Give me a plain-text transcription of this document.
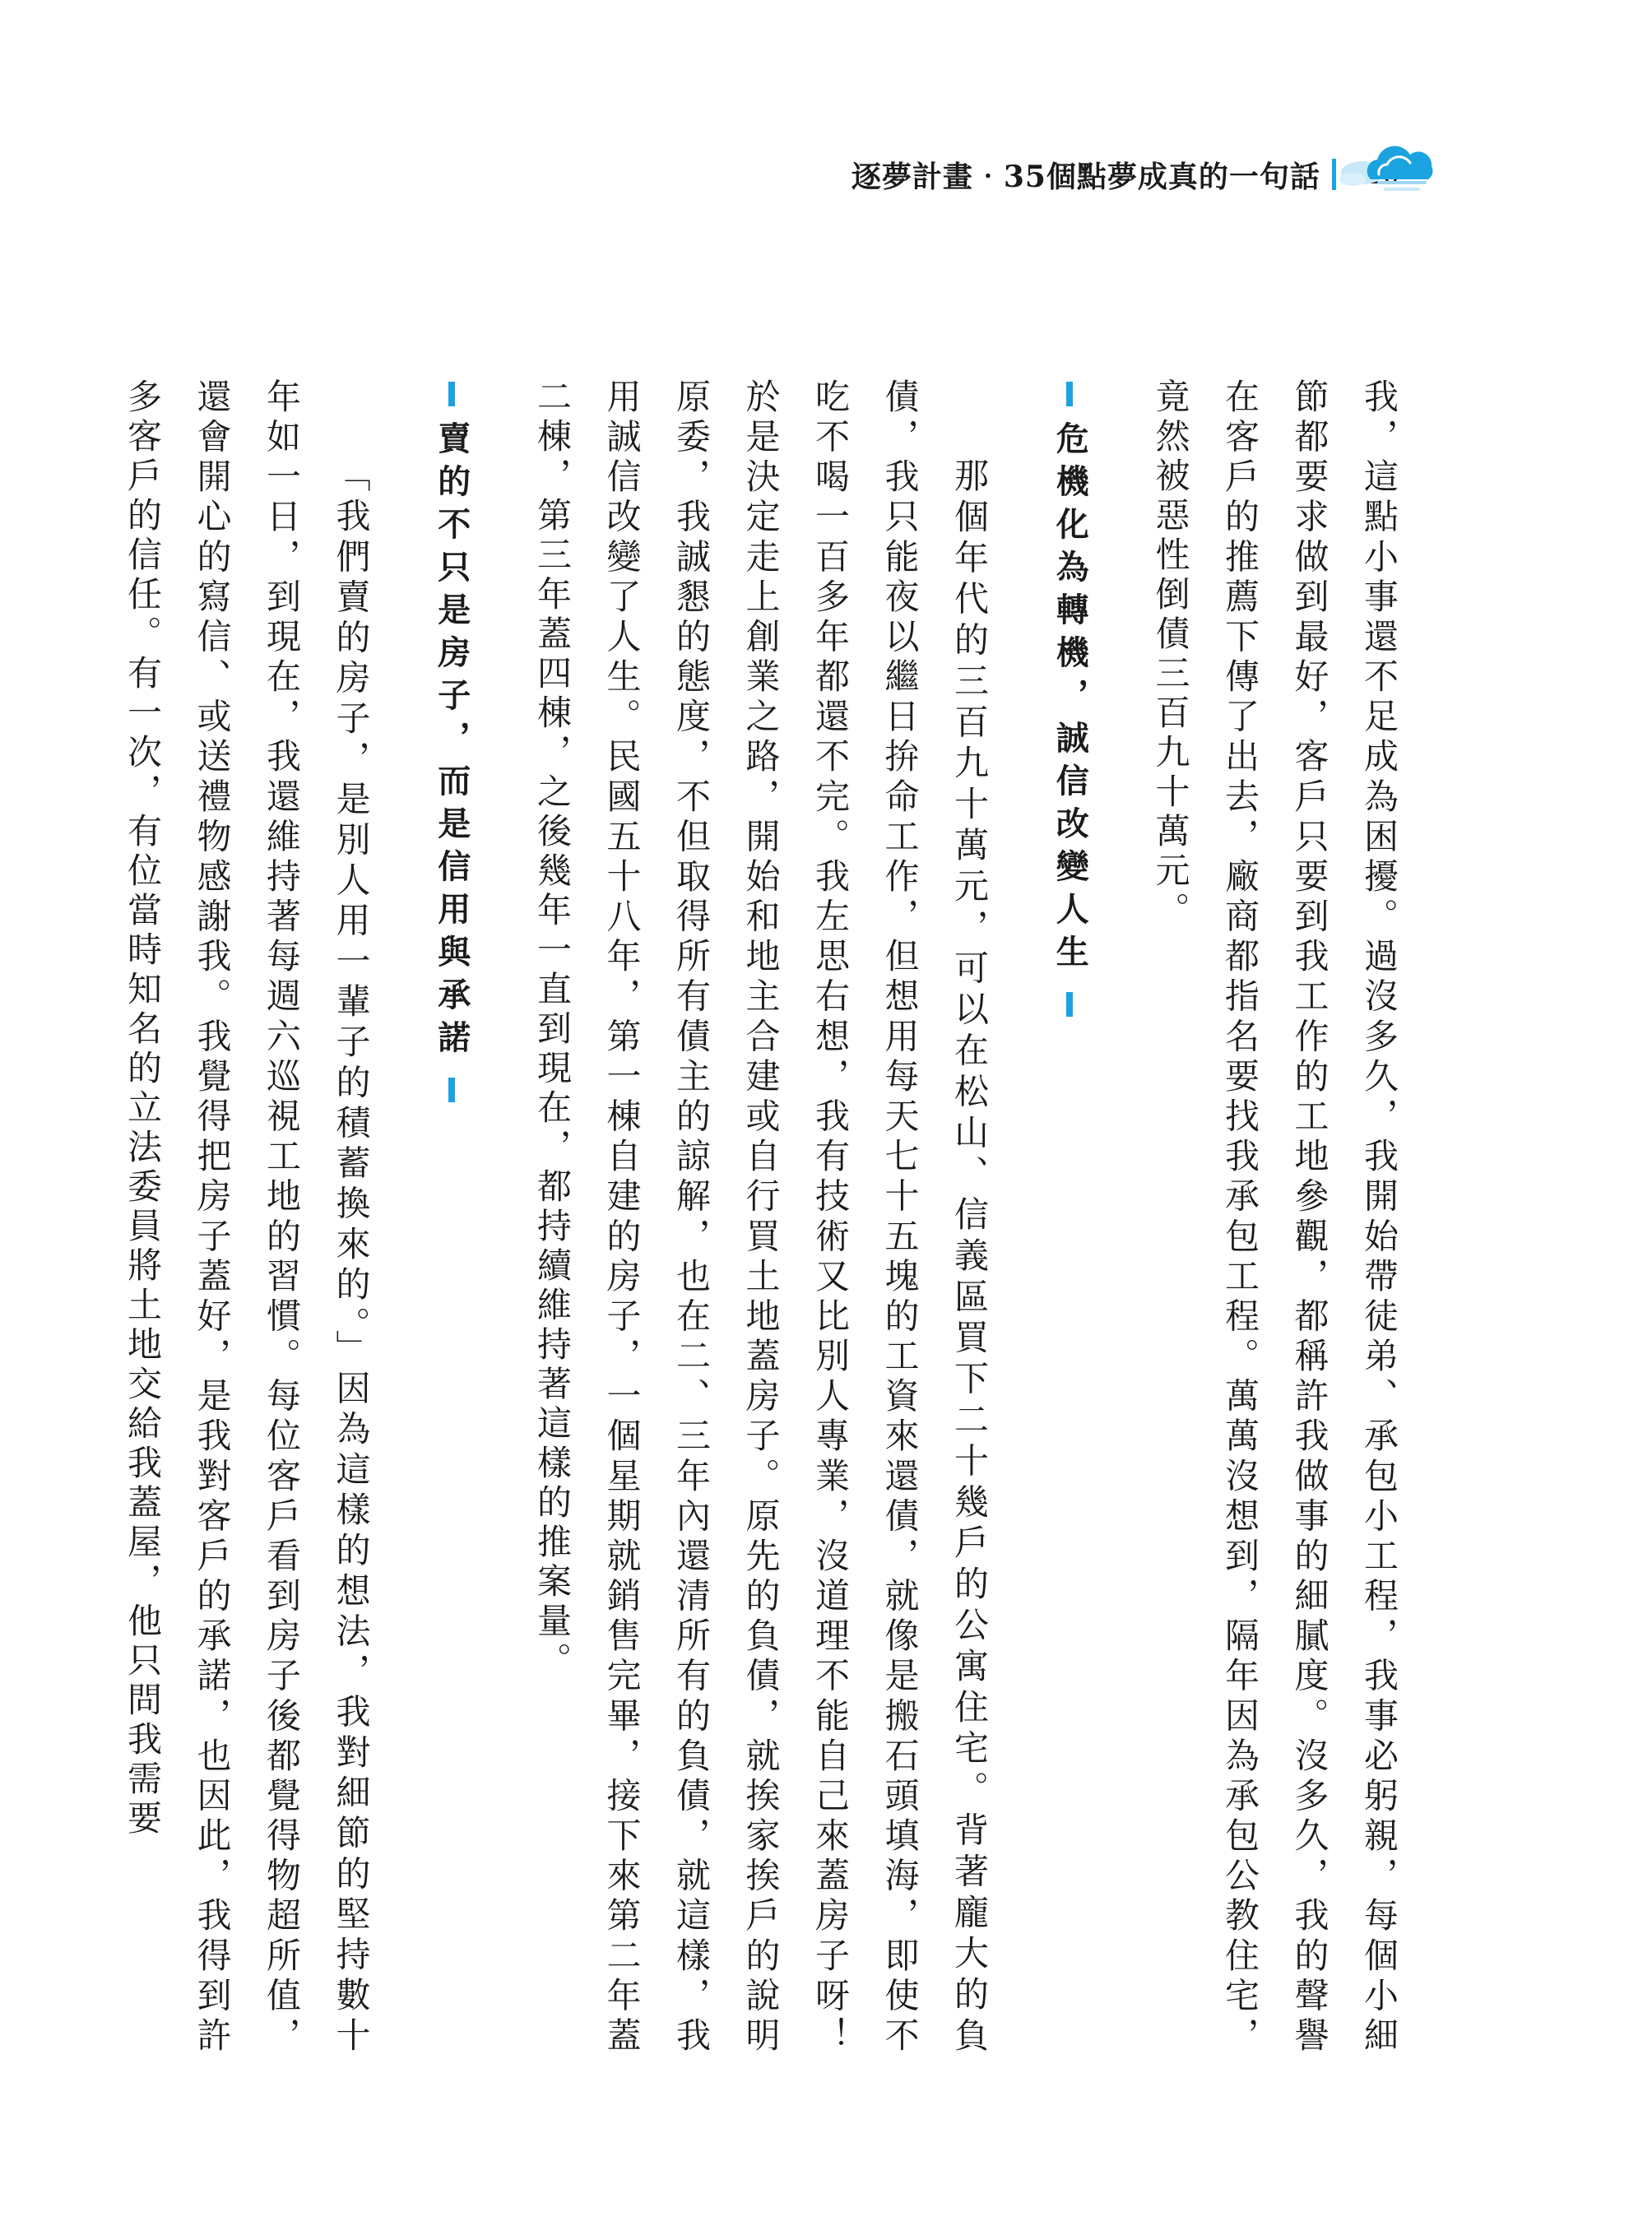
逐夢計畫‧35個點夢成真的一句話

我，這點小事還不足成為困擾。過沒多久，我開始帶徒弟、承包小工程，我事必躬親，每個小細節都要求做到最好，客戶只要到我工作的工地參觀，都稱許我做事的細膩度。沒多久，我的聲譽在客戶的推薦下傳了出去，廠商都指名要找我承包工程。萬萬沒想到，隔年因為承包公教住宅，竟然被惡性倒債三百九十萬元。

危機化為轉機，誠信改變人生

那個年代的三百九十萬元，可以在松山、信義區買下二十幾戶的公寓住宅。背著龐大的負債，我只能夜以繼日拚命工作，但想用每天七十五塊的工資來還債，就像是搬石頭填海，即使不吃不喝一百多年都還不完。我左思右想，我有技術又比別人專業，沒道理不能自己來蓋房子呀！於是決定走上創業之路，開始和地主合建或自行買土地蓋房子。原先的負債，就挨家挨戶的說明原委，我誠懇的態度，不但取得所有債主的諒解，也在二、三年內還清所有的負債，就這樣，我用誠信改變了人生。民國五十八年，第一棟自建的房子，一個星期就銷售完畢，接下來第二年蓋二棟，第三年蓋四棟，之後幾年一直到現在，都持續維持著這樣的推案量。

賣的不只是房子，而是信用與承諾

「我們賣的房子，是別人用一輩子的積蓄換來的。」因為這樣的想法，我對細節的堅持數十年如一日，到現在，我還維持著每週六巡視工地的習慣。每位客戶看到房子後都覺得物超所值，還會開心的寫信、或送禮物感謝我。我覺得把房子蓋好，是我對客戶的承諾，也因此，我得到許多客戶的信任。有一次，有位當時知名的立法委員將土地交給我蓋屋，他只問我需要
